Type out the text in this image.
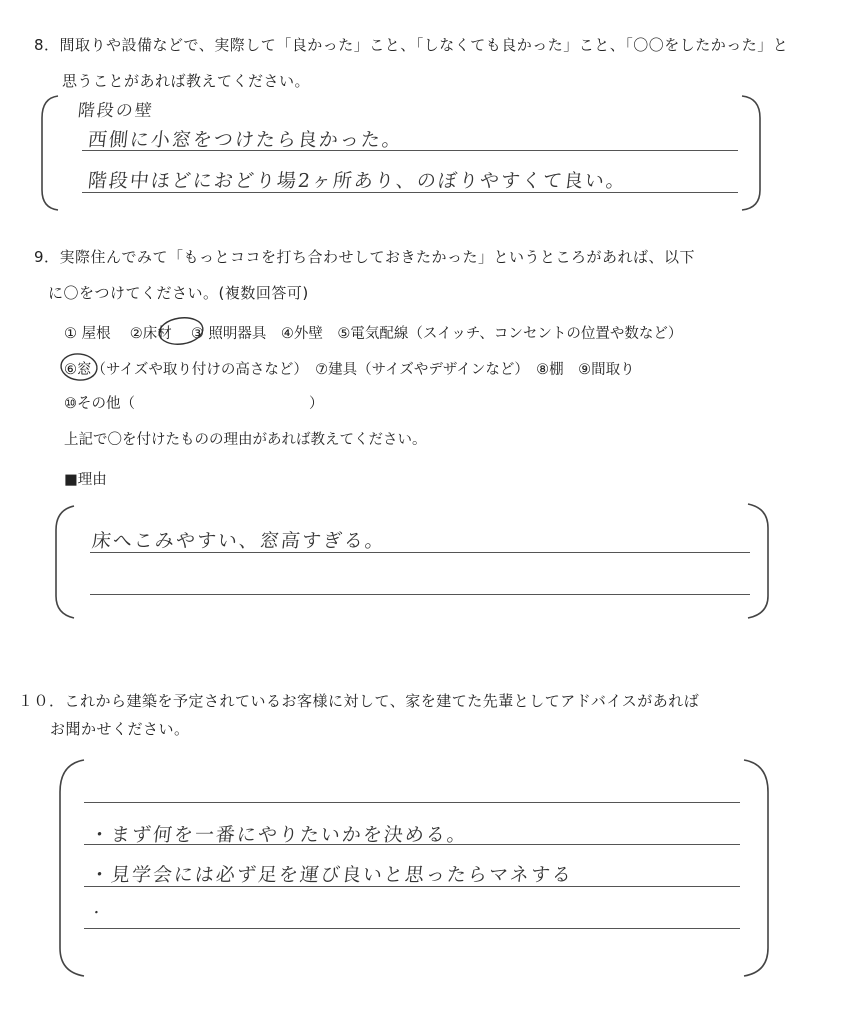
8．間取りや設備などで、実際して「良かった」こと、「しなくても良かった」こと、「〇〇をしたかった」と
思うことがあれば教えてください。
階段の壁
西側に小窓をつけたら良かった。
階段中ほどにおどり場2ヶ所あり、のぼりやすくて良い。
9．実際住んでみて「もっとココを打ち合わせしておきたかった」というところがあれば、以下
に〇をつけてください。(複数回答可)
① 屋根　 ②床材　 ③ 照明器具　④外壁　⑤電気配線（スイッチ、コンセントの位置や数など）
⑥窓（サイズや取り付けの高さなど）　⑦建具（サイズやデザインなど）　⑧棚　⑨間取り
⑩その他（　　　　　　　　　　　　）
上記で〇を付けたものの理由があれば教えてください。
■理由
床へこみやすい、窓高すぎる。
１０．これから建築を予定されているお客様に対して、家を建てた先輩としてアドバイスがあれば
お聞かせください。
・まず何を一番にやりたいかを決める。
・見学会には必ず足を運び良いと思ったらマネする
・
